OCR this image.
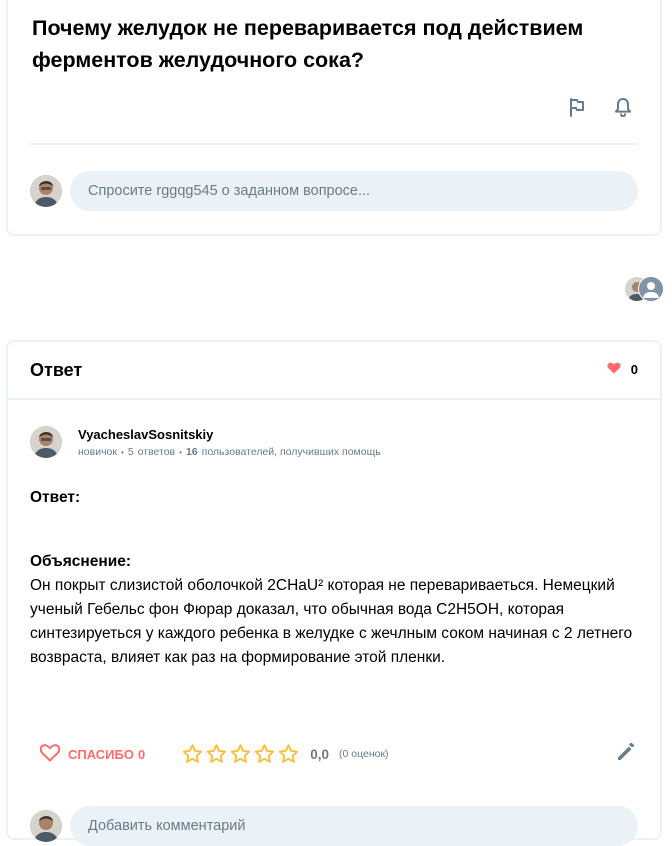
Почему желудок не переваривается под действием ферментов желудочного сока?
Спросите rggqg545 о заданном вопросе...
Ответ	0
VyacheslavSosnitskiy
новичок • 5 ответов • 16 пользователей, получивших помощь
Ответ:
Объяснение:
Он покрыт слизистой оболочкой 2CHaU² которая не перевариваеться. Немецкий ученый Гебельс фон Фюрар доказал, что обычная вода C2H5OH, которая синтезируеться у каждого ребенка в желудке с жечлным соком начиная с 2 летнего возвраста, влияет как раз на формирование этой пленки.
СПАСИБО 0	0,0 (0 оценок)
Добавить комментарий
